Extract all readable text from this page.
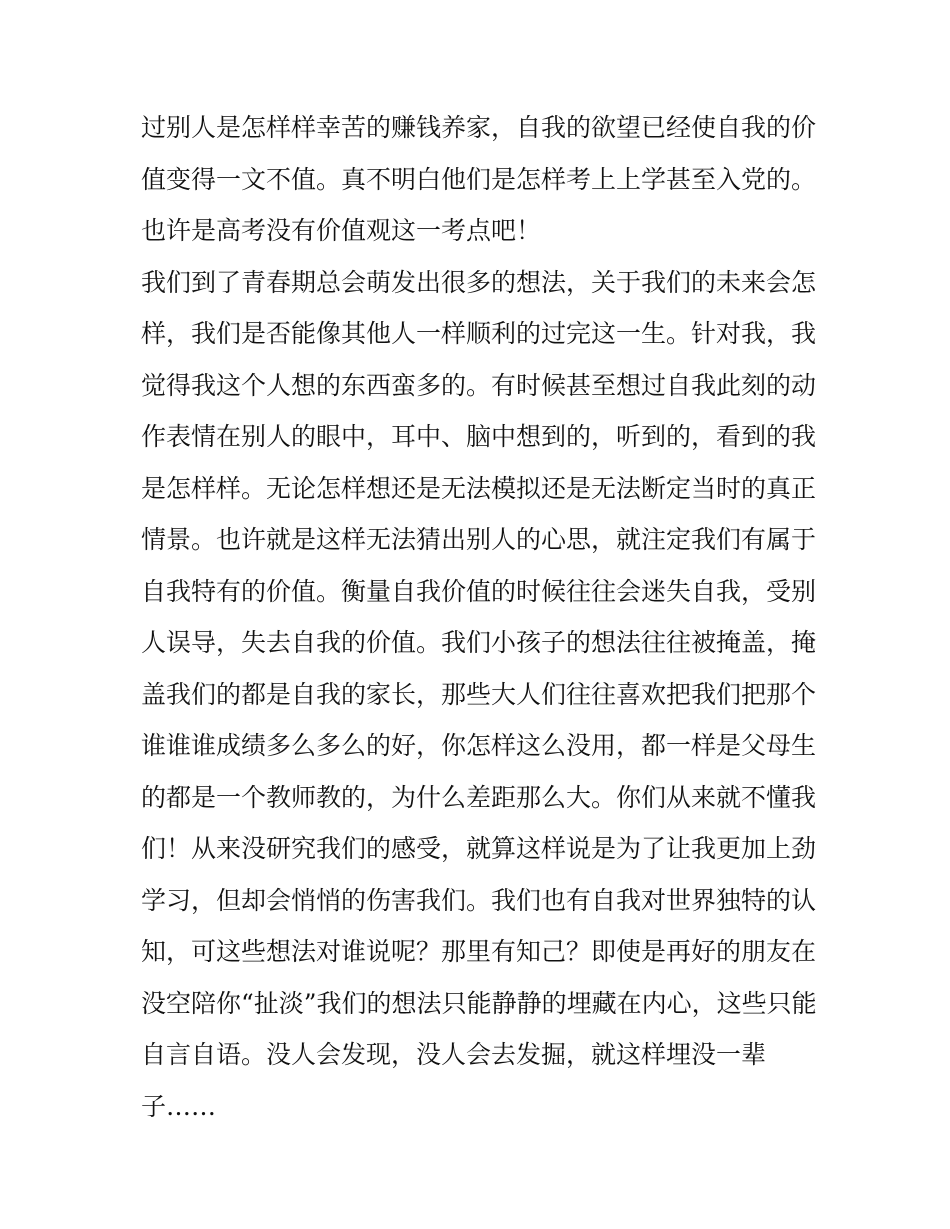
过别人是怎样样幸苦的赚钱养家，自我的欲望已经使自我的价
值变得一文不值。真不明白他们是怎样考上上学甚至入党的。
也许是高考没有价值观这一考点吧！
我们到了青春期总会萌发出很多的想法，关于我们的未来会怎
样，我们是否能像其他人一样顺利的过完这一生。针对我，我
觉得我这个人想的东西蛮多的。有时候甚至想过自我此刻的动
作表情在别人的眼中，耳中、脑中想到的，听到的，看到的我
是怎样样。无论怎样想还是无法模拟还是无法断定当时的真正
情景。也许就是这样无法猜出别人的心思，就注定我们有属于
自我特有的价值。衡量自我价值的时候往往会迷失自我，受别
人误导，失去自我的价值。我们小孩子的想法往往被掩盖，掩
盖我们的都是自我的家长，那些大人们往往喜欢把我们把那个
谁谁谁成绩多么多么的好，你怎样这么没用，都一样是父母生
的都是一个教师教的，为什么差距那么大。你们从来就不懂我
们！从来没研究我们的感受，就算这样说是为了让我更加上劲
学习，但却会悄悄的伤害我们。我们也有自我对世界独特的认
知，可这些想法对谁说呢？那里有知己？即使是再好的朋友在
没空陪你“扯淡”我们的想法只能静静的埋藏在内心，这些只能
自言自语。没人会发现，没人会去发掘，就这样埋没一辈
子……
